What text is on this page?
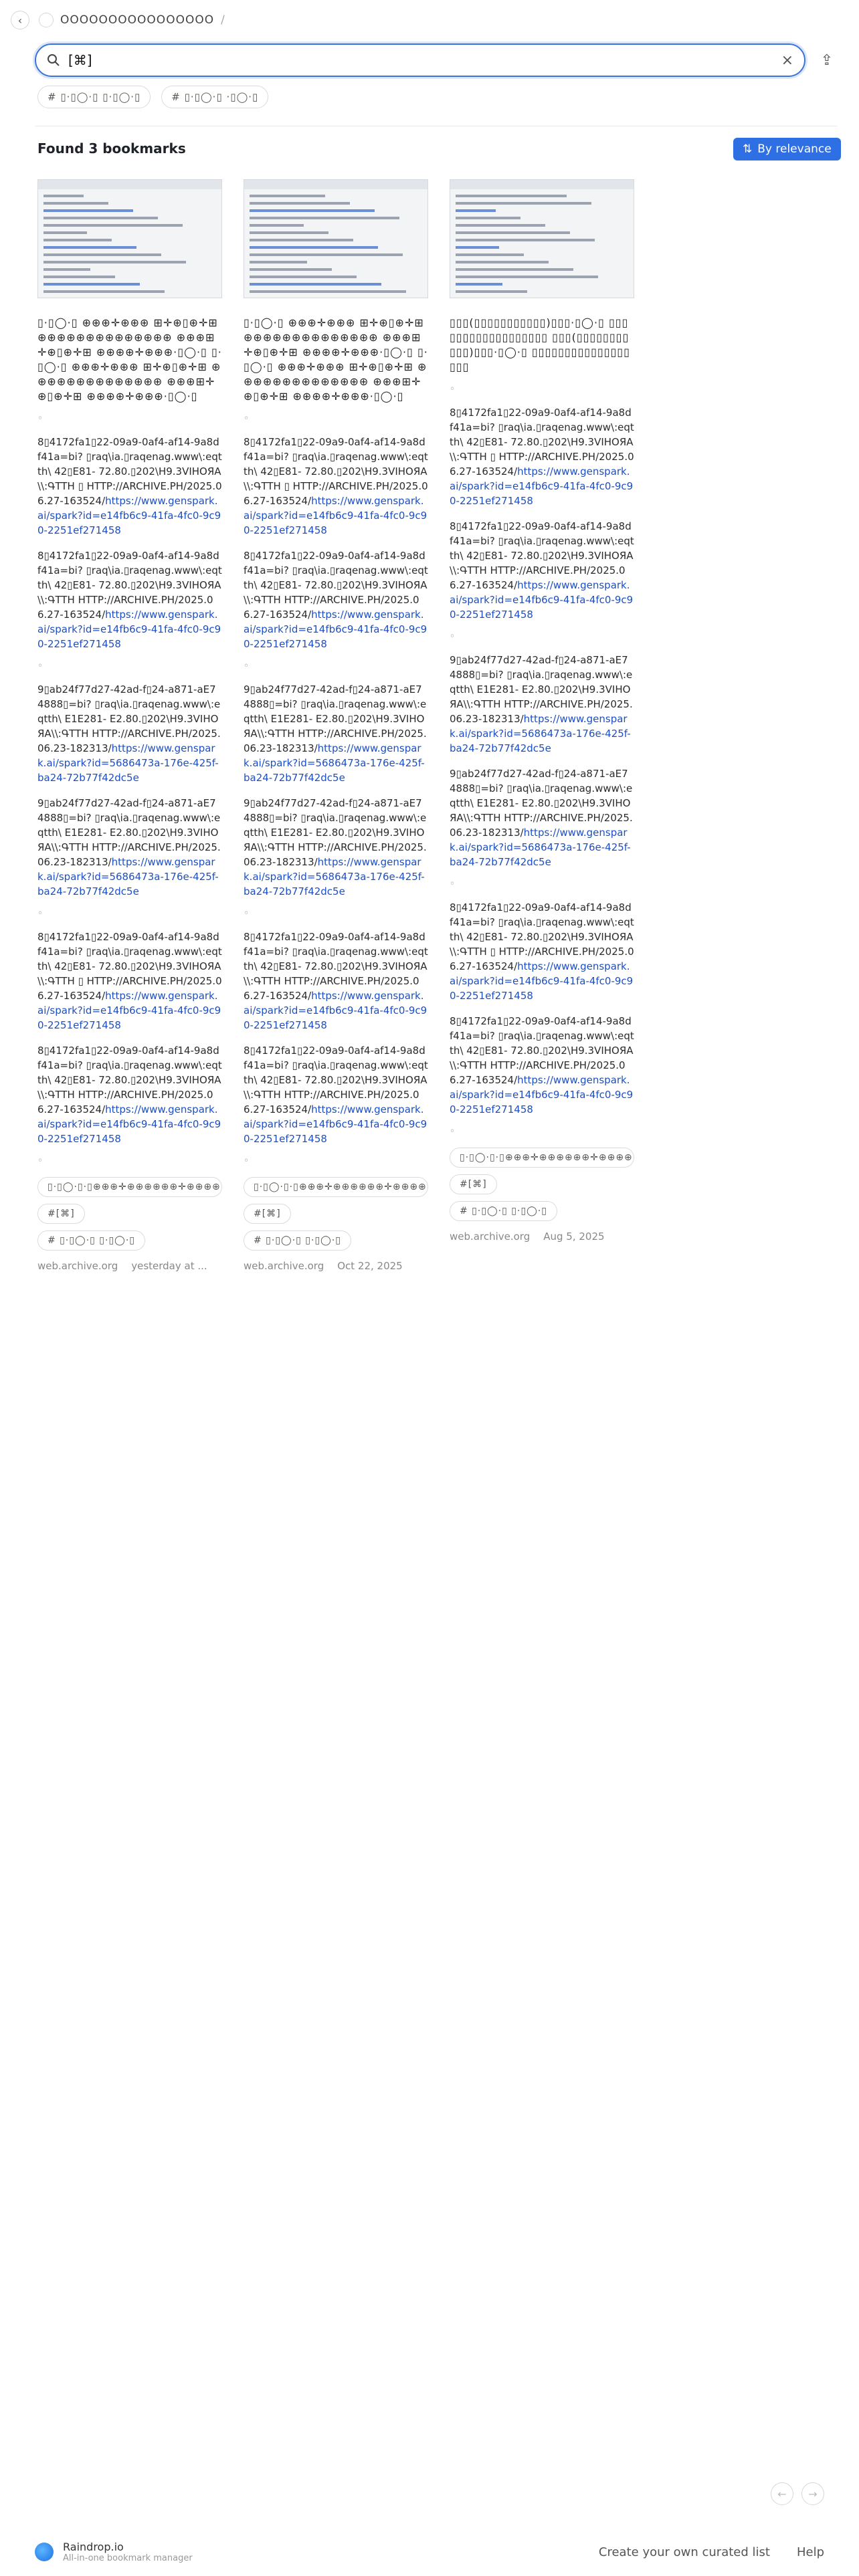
‹	OOOOOOOOOOOOOOOO /
[⌘]	×	⇪
# ▯·▯◯·▯ ▯·▯◯·▯	# ▯·▯◯·▯ ·▯◯·▯
Found 3 bookmarks	⇅ By relevance
▯·▯◯·▯ ⊕⊕⊕✛⊕⊕⊕ ⊞✛⊕▯⊕✛⊞ ⊕⊕⊕⊕⊕⊕⊕⊕⊕⊕⊕⊕⊕⊕ ⊕⊕⊕⊞✛⊕▯⊕✛⊞ ⊕⊕⊕⊕✛⊕⊕⊕·▯◯·▯ ▯·▯◯·▯ ⊕⊕⊕✛⊕⊕⊕ ⊞✛⊕▯⊕✛⊞ ⊕⊕⊕⊕⊕⊕⊕⊕⊕⊕⊕⊕⊕⊕ ⊕⊕⊕⊞✛⊕▯⊕✛⊞ ⊕⊕⊕⊕✛⊕⊕⊕·▯◯·▯
◦
8▯4172fa1▯22-09a9-0af4-af14-9a8df41a=bi? ▯raq\ia.▯raqenag.www\:eqtth\ 42▯E81- 72.80.▯202\H9.3VIHOЯA\\:ԳTTH ▯ HTTP://ARCHIVE.PH/2025.06.27-163524/https://www.genspark.ai/spark?id=e14fb6c9-41fa-4fc0-9c90-2251ef271458
8▯4172fa1▯22-09a9-0af4-af14-9a8df41a=bi? ▯raq\ia.▯raqenag.www\:eqtth\ 42▯E81- 72.80.▯202\H9.3VIHOЯA\\:ԳTTH HTTP://ARCHIVE.PH/2025.06.27-163524/https://www.genspark.ai/spark?id=e14fb6c9-41fa-4fc0-9c90-2251ef271458
◦
9▯ab24f77d27-42ad-f▯24-a871-aE74888▯=bi? ▯raq\ia.▯raqenag.www\:eqtth\ E1E281- E2.80.▯202\H9.3VIHOЯA\\:ԳTTH HTTP://ARCHIVE.PH/2025.06.23-182313/https://www.genspark.ai/spark?id=5686473a-176e-425f-ba24-72b77f42dc5e
9▯ab24f77d27-42ad-f▯24-a871-aE74888▯=bi? ▯raq\ia.▯raqenag.www\:eqtth\ E1E281- E2.80.▯202\H9.3VIHOЯA\\:ԳTTH HTTP://ARCHIVE.PH/2025.06.23-182313/https://www.genspark.ai/spark?id=5686473a-176e-425f-ba24-72b77f42dc5e
◦
8▯4172fa1▯22-09a9-0af4-af14-9a8df41a=bi? ▯raq\ia.▯raqenag.www\:eqtth\ 42▯E81- 72.80.▯202\H9.3VIHOЯA\\:ԳTTH ▯ HTTP://ARCHIVE.PH/2025.06.27-163524/https://www.genspark.ai/spark?id=e14fb6c9-41fa-4fc0-9c90-2251ef271458
8▯4172fa1▯22-09a9-0af4-af14-9a8df41a=bi? ▯raq\ia.▯raqenag.www\:eqtth\ 42▯E81- 72.80.▯202\H9.3VIHOЯA\\:ԳTTH HTTP://ARCHIVE.PH/2025.06.27-163524/https://www.genspark.ai/spark?id=e14fb6c9-41fa-4fc0-9c90-2251ef271458
◦
▯·▯◯·▯·▯⊕⊕⊕✛⊕⊕⊕⊕⊕⊕✛⊕⊕⊕⊕
#[⌘]
# ▯·▯◯·▯ ▯·▯◯·▯
web.archive.org yesterday at ...
▯·▯◯·▯ ⊕⊕⊕✛⊕⊕⊕ ⊞✛⊕▯⊕✛⊞ ⊕⊕⊕⊕⊕⊕⊕⊕⊕⊕⊕⊕⊕⊕ ⊕⊕⊕⊞✛⊕▯⊕✛⊞ ⊕⊕⊕⊕✛⊕⊕⊕·▯◯·▯ ▯·▯◯·▯ ⊕⊕⊕✛⊕⊕⊕ ⊞✛⊕▯⊕✛⊞ ⊕⊕⊕⊕⊕⊕⊕⊕⊕⊕⊕⊕⊕⊕ ⊕⊕⊕⊞✛⊕▯⊕✛⊞ ⊕⊕⊕⊕✛⊕⊕⊕·▯◯·▯
◦
8▯4172fa1▯22-09a9-0af4-af14-9a8df41a=bi? ▯raq\ia.▯raqenag.www\:eqtth\ 42▯E81- 72.80.▯202\H9.3VIHOЯA\\:ԳTTH ▯ HTTP://ARCHIVE.PH/2025.06.27-163524/https://www.genspark.ai/spark?id=e14fb6c9-41fa-4fc0-9c90-2251ef271458
8▯4172fa1▯22-09a9-0af4-af14-9a8df41a=bi? ▯raq\ia.▯raqenag.www\:eqtth\ 42▯E81- 72.80.▯202\H9.3VIHOЯA\\:ԳTTH HTTP://ARCHIVE.PH/2025.06.27-163524/https://www.genspark.ai/spark?id=e14fb6c9-41fa-4fc0-9c90-2251ef271458
◦
9▯ab24f77d27-42ad-f▯24-a871-aE74888▯=bi? ▯raq\ia.▯raqenag.www\:eqtth\ E1E281- E2.80.▯202\H9.3VIHOЯA\\:ԳTTH HTTP://ARCHIVE.PH/2025.06.23-182313/https://www.genspark.ai/spark?id=5686473a-176e-425f-ba24-72b77f42dc5e
9▯ab24f77d27-42ad-f▯24-a871-aE74888▯=bi? ▯raq\ia.▯raqenag.www\:eqtth\ E1E281- E2.80.▯202\H9.3VIHOЯA\\:ԳTTH HTTP://ARCHIVE.PH/2025.06.23-182313/https://www.genspark.ai/spark?id=5686473a-176e-425f-ba24-72b77f42dc5e
◦
8▯4172fa1▯22-09a9-0af4-af14-9a8df41a=bi? ▯raq\ia.▯raqenag.www\:eqtth\ 42▯E81- 72.80.▯202\H9.3VIHOЯA\\:ԳTTH HTTP://ARCHIVE.PH/2025.06.27-163524/https://www.genspark.ai/spark?id=e14fb6c9-41fa-4fc0-9c90-2251ef271458
8▯4172fa1▯22-09a9-0af4-af14-9a8df41a=bi? ▯raq\ia.▯raqenag.www\:eqtth\ 42▯E81- 72.80.▯202\H9.3VIHOЯA\\:ԳTTH HTTP://ARCHIVE.PH/2025.06.27-163524/https://www.genspark.ai/spark?id=e14fb6c9-41fa-4fc0-9c90-2251ef271458
◦
▯·▯◯·▯·▯⊕⊕⊕✛⊕⊕⊕⊕⊕⊕✛⊕⊕⊕⊕
#[⌘]
# ▯·▯◯·▯ ▯·▯◯·▯
web.archive.org Oct 22, 2025
▯▯▯(▯▯▯▯▯▯▯▯▯▯▯)▯▯▯·▯◯·▯ ▯▯▯▯▯▯▯▯▯▯▯▯▯▯▯▯▯▯ ▯▯▯(▯▯▯▯▯▯▯▯▯▯▯)▯▯▯·▯◯·▯ ▯▯▯▯▯▯▯▯▯▯▯▯▯▯▯▯▯▯
◦
8▯4172fa1▯22-09a9-0af4-af14-9a8df41a=bi? ▯raq\ia.▯raqenag.www\:eqtth\ 42▯E81- 72.80.▯202\H9.3VIHOЯA\\:ԳTTH ▯ HTTP://ARCHIVE.PH/2025.06.27-163524/https://www.genspark.ai/spark?id=e14fb6c9-41fa-4fc0-9c90-2251ef271458
8▯4172fa1▯22-09a9-0af4-af14-9a8df41a=bi? ▯raq\ia.▯raqenag.www\:eqtth\ 42▯E81- 72.80.▯202\H9.3VIHOЯA\\:ԳTTH HTTP://ARCHIVE.PH/2025.06.27-163524/https://www.genspark.ai/spark?id=e14fb6c9-41fa-4fc0-9c90-2251ef271458
◦
9▯ab24f77d27-42ad-f▯24-a871-aE74888▯=bi? ▯raq\ia.▯raqenag.www\:eqtth\ E1E281- E2.80.▯202\H9.3VIHOЯA\\:ԳTTH HTTP://ARCHIVE.PH/2025.06.23-182313/https://www.genspark.ai/spark?id=5686473a-176e-425f-ba24-72b77f42dc5e
9▯ab24f77d27-42ad-f▯24-a871-aE74888▯=bi? ▯raq\ia.▯raqenag.www\:eqtth\ E1E281- E2.80.▯202\H9.3VIHOЯA\\:ԳTTH HTTP://ARCHIVE.PH/2025.06.23-182313/https://www.genspark.ai/spark?id=5686473a-176e-425f-ba24-72b77f42dc5e
◦
8▯4172fa1▯22-09a9-0af4-af14-9a8df41a=bi? ▯raq\ia.▯raqenag.www\:eqtth\ 42▯E81- 72.80.▯202\H9.3VIHOЯA\\:ԳTTH ▯ HTTP://ARCHIVE.PH/2025.06.27-163524/https://www.genspark.ai/spark?id=e14fb6c9-41fa-4fc0-9c90-2251ef271458
8▯4172fa1▯22-09a9-0af4-af14-9a8df41a=bi? ▯raq\ia.▯raqenag.www\:eqtth\ 42▯E81- 72.80.▯202\H9.3VIHOЯA\\:ԳTTH HTTP://ARCHIVE.PH/2025.06.27-163524/https://www.genspark.ai/spark?id=e14fb6c9-41fa-4fc0-9c90-2251ef271458
◦
▯·▯◯·▯·▯⊕⊕⊕✛⊕⊕⊕⊕⊕⊕✛⊕⊕⊕⊕
#[⌘]
# ▯·▯◯·▯ ▯·▯◯·▯
web.archive.org Aug 5, 2025
←	→
Raindrop.io
All-in-one bookmark manager	Create your own curated list Help
